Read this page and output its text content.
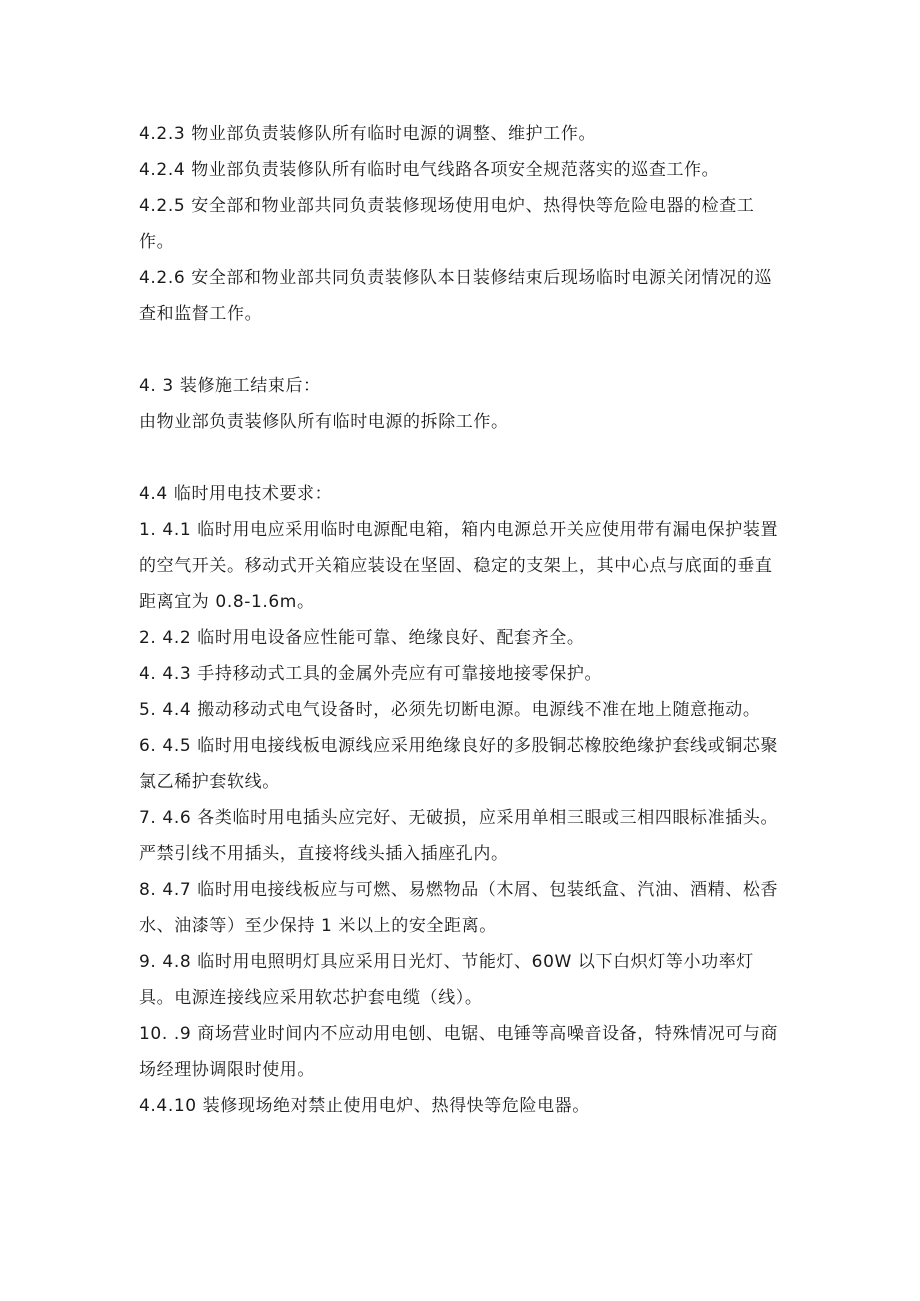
4.2.3 物业部负责装修队所有临时电源的调整、维护工作。

4.2.4 物业部负责装修队所有临时电气线路各项安全规范落实的巡查工作。

4.2.5 安全部和物业部共同负责装修现场使用电炉、热得快等危险电器的检查工作。

4.2.6 安全部和物业部共同负责装修队本日装修结束后现场临时电源关闭情况的巡查和监督工作。

4. 3 装修施工结束后：

由物业部负责装修队所有临时电源的拆除工作。

4.4 临时用电技术要求：

1. 4.1 临时用电应采用临时电源配电箱，箱内电源总开关应使用带有漏电保护装置的空气开关。移动式开关箱应装设在坚固、稳定的支架上，其中心点与底面的垂直距离宜为 0.8-1.6m。

2. 4.2 临时用电设备应性能可靠、绝缘良好、配套齐全。

4. 4.3 手持移动式工具的金属外壳应有可靠接地接零保护。

5. 4.4 搬动移动式电气设备时，必须先切断电源。电源线不准在地上随意拖动。

6. 4.5 临时用电接线板电源线应采用绝缘良好的多股铜芯橡胶绝缘护套线或铜芯聚氯乙稀护套软线。

7. 4.6 各类临时用电插头应完好、无破损，应采用单相三眼或三相四眼标准插头。严禁引线不用插头，直接将线头插入插座孔内。

8. 4.7 临时用电接线板应与可燃、易燃物品（木屑、包装纸盒、汽油、酒精、松香水、油漆等）至少保持 1 米以上的安全距离。

9. 4.8 临时用电照明灯具应采用日光灯、节能灯、60W 以下白炽灯等小功率灯具。电源连接线应采用软芯护套电缆（线）。

10. .9 商场营业时间内不应动用电刨、电锯、电锤等高噪音设备，特殊情况可与商场经理协调限时使用。

4.4.10 装修现场绝对禁止使用电炉、热得快等危险电器。
